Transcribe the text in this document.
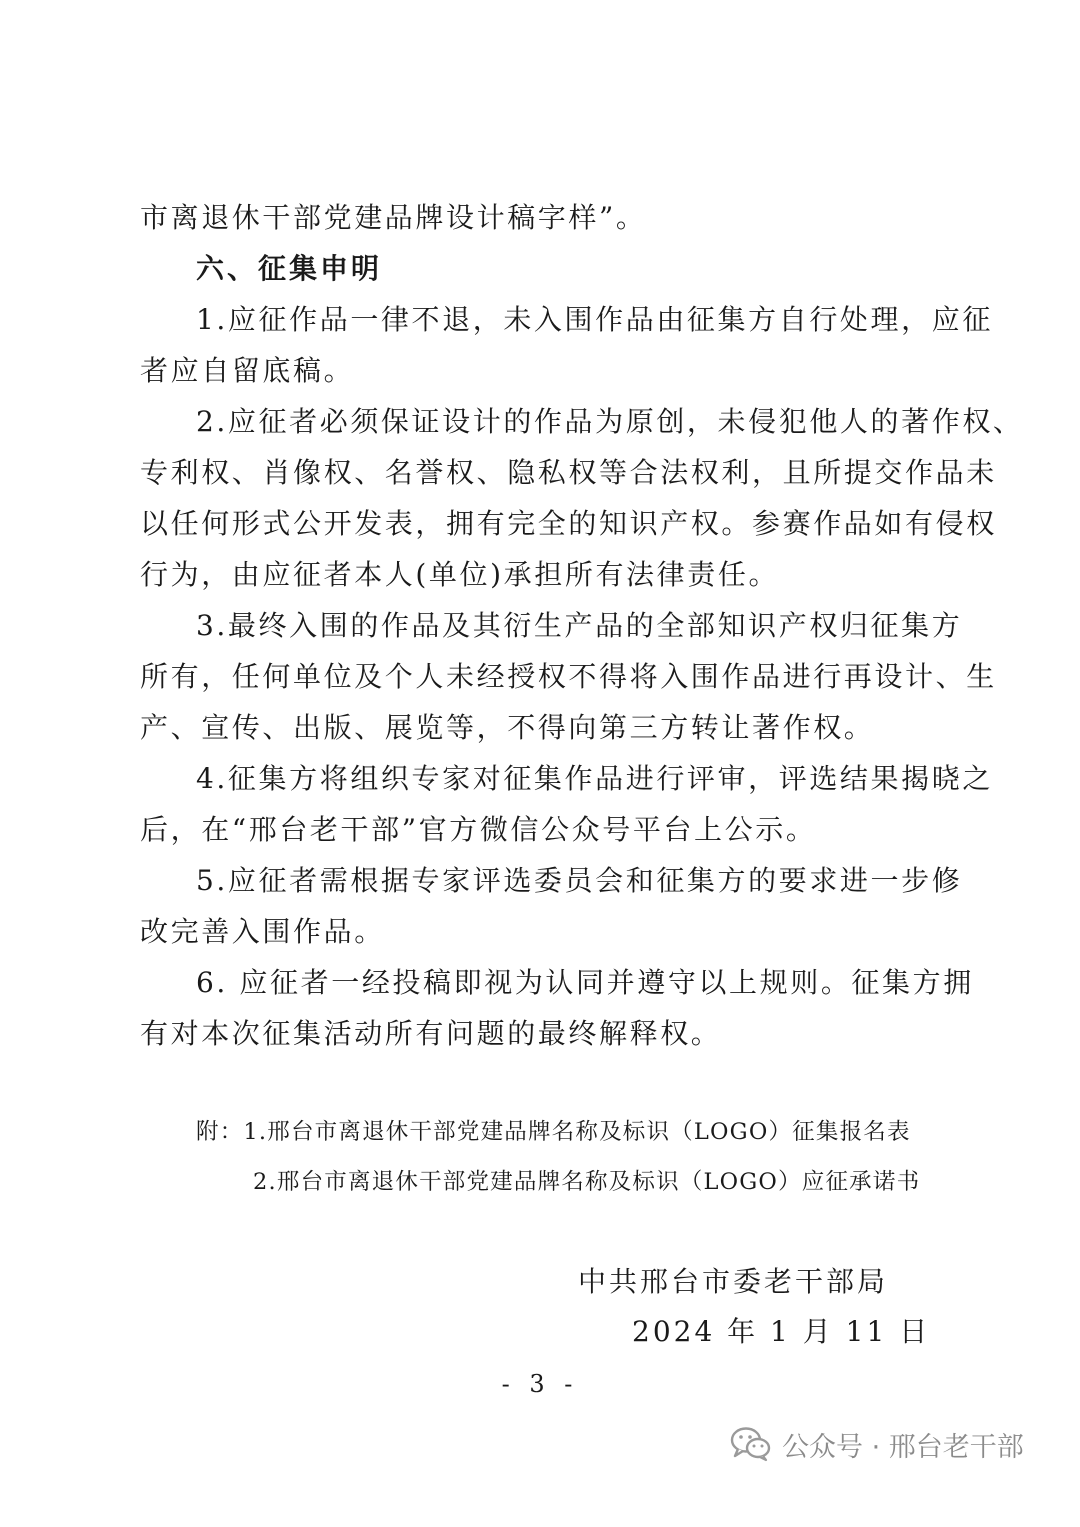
市离退休干部党建品牌设计稿字样”。
六、征集申明
1.应征作品一律不退，未入围作品由征集方自行处理，应征
者应自留底稿。
2.应征者必须保证设计的作品为原创，未侵犯他人的著作权、
专利权、肖像权、名誉权、隐私权等合法权利，且所提交作品未
以任何形式公开发表，拥有完全的知识产权。参赛作品如有侵权
行为，由应征者本人(单位)承担所有法律责任。
3.最终入围的作品及其衍生产品的全部知识产权归征集方
所有，任何单位及个人未经授权不得将入围作品进行再设计、生
产、宣传、出版、展览等，不得向第三方转让著作权。
4.征集方将组织专家对征集作品进行评审，评选结果揭晓之
后，在“邢台老干部”官方微信公众号平台上公示。
5.应征者需根据专家评选委员会和征集方的要求进一步修
改完善入围作品。
6. 应征者一经投稿即视为认同并遵守以上规则。征集方拥
有对本次征集活动所有问题的最终解释权。
附：1.邢台市离退休干部党建品牌名称及标识（LOGO）征集报名表
2.邢台市离退休干部党建品牌名称及标识（LOGO）应征承诺书
中共邢台市委老干部局
2024 年 1 月 11 日
- 3 -
公众号 · 邢台老干部
